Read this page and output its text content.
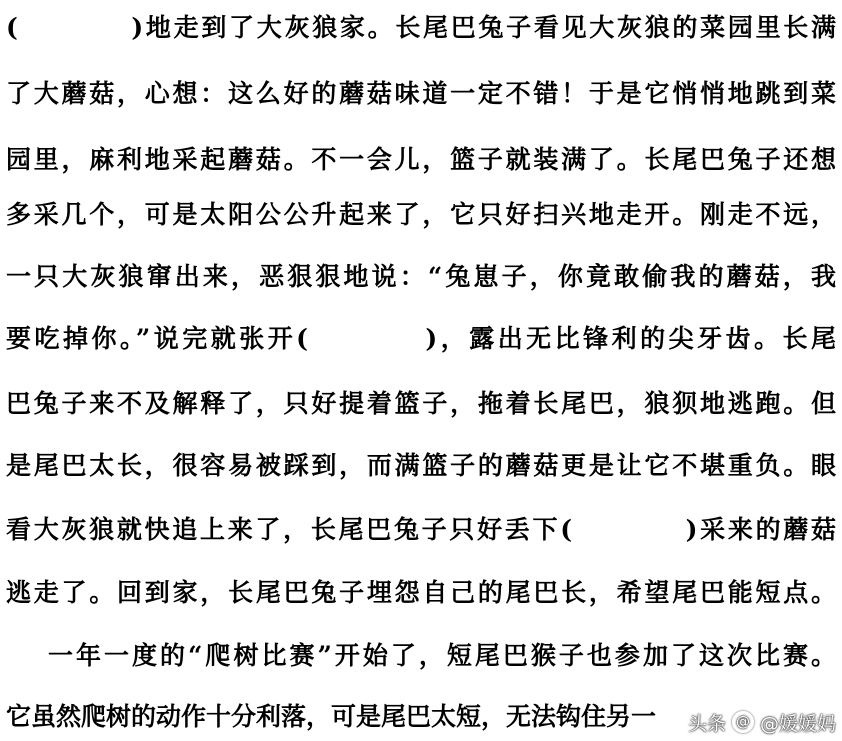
(　　　　)地走到了大灰狼家。长尾巴兔子看见大灰狼的菜园里长满
了大蘑菇，心想：这么好的蘑菇味道一定不错！于是它悄悄地跳到菜
园里，麻利地采起蘑菇。不一会儿，篮子就装满了。长尾巴兔子还想
多采几个，可是太阳公公升起来了，它只好扫兴地走开。刚走不远，
一只大灰狼窜出来，恶狠狠地说：“兔崽子，你竟敢偷我的蘑菇，我
要吃掉你。”说完就张开(　　　　)，露出无比锋利的尖牙齿。长尾
巴兔子来不及解释了，只好提着篮子，拖着长尾巴，狼狈地逃跑。但
是尾巴太长，很容易被踩到，而满篮子的蘑菇更是让它不堪重负。眼
看大灰狼就快追上来了，长尾巴兔子只好丢下(　　　　)采来的蘑菇
逃走了。回到家，长尾巴兔子埋怨自己的尾巴长，希望尾巴能短点。
一年一度的“爬树比赛”开始了，短尾巴猴子也参加了这次比赛。
它虽然爬树的动作十分利落，可是尾巴太短，无法钩住另一	头条 @ @媛媛妈
